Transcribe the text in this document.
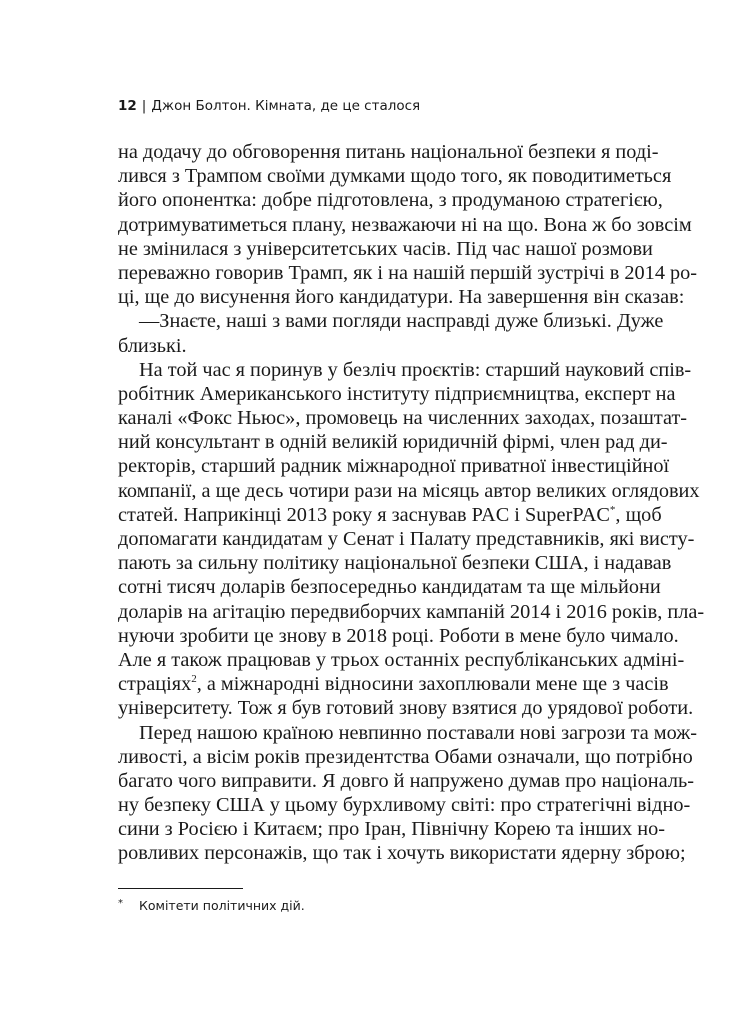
12 | Джон Болтон. Кімната, де це сталося
на додачу до обговорення питань національної безпеки я поді-
лився з Трампом своїми думками щодо того, як поводитиметься
його опонентка: добре підготовлена, з продуманою стратегією,
дотримуватиметься плану, незважаючи ні на що. Вона ж бо зовсім
не змінилася з університетських часів. Під час нашої розмови
переважно говорив Трамп, як і на нашій першій зустрічі в 2014 ро-
ці, ще до висунення його кандидатури. На завершення він сказав:
—Знаєте, наші з вами погляди насправді дуже близькі. Дуже
близькі.
На той час я поринув у безліч проєктів: старший науковий спів-
робітник Американського інституту підприємництва, експерт на
каналі «Фокс Ньюс», промовець на численних заходах, позаштат-
ний консультант в одній великій юридичній фірмі, член рад ди-
ректорів, старший радник міжнародної приватної інвестиційної
компанії, а ще десь чотири рази на місяць автор великих оглядових
статей. Наприкінці 2013 року я заснував PAC і SuperPAC*, щоб
допомагати кандидатам у Сенат і Палату представників, які висту-
пають за сильну політику національної безпеки США, і надавав
сотні тисяч доларів безпосередньо кандидатам та ще мільйони
доларів на агітацію передвиборчих кампаній 2014 і 2016 років, пла-
нуючи зробити це знову в 2018 році. Роботи в мене було чимало.
Але я також працював у трьох останніх республіканських адміні-
страціях$^2$, а міжнародні відносини захоплювали мене ще з часів
університету. Тож я був готовий знову взятися до урядової роботи.
Перед нашою країною невпинно поставали нові загрози та мож-
ливості, а вісім років президентства Обами означали, що потрібно
багато чого виправити. Я довго й напружено думав про національ-
ну безпеку США у цьому бурхливому світі: про стратегічні відно-
сини з Росією і Китаєм; про Іран, Північну Корею та інших но-
ровливих персонажів, що так і хочуть використати ядерну зброю;
* Комітети політичних дій.
